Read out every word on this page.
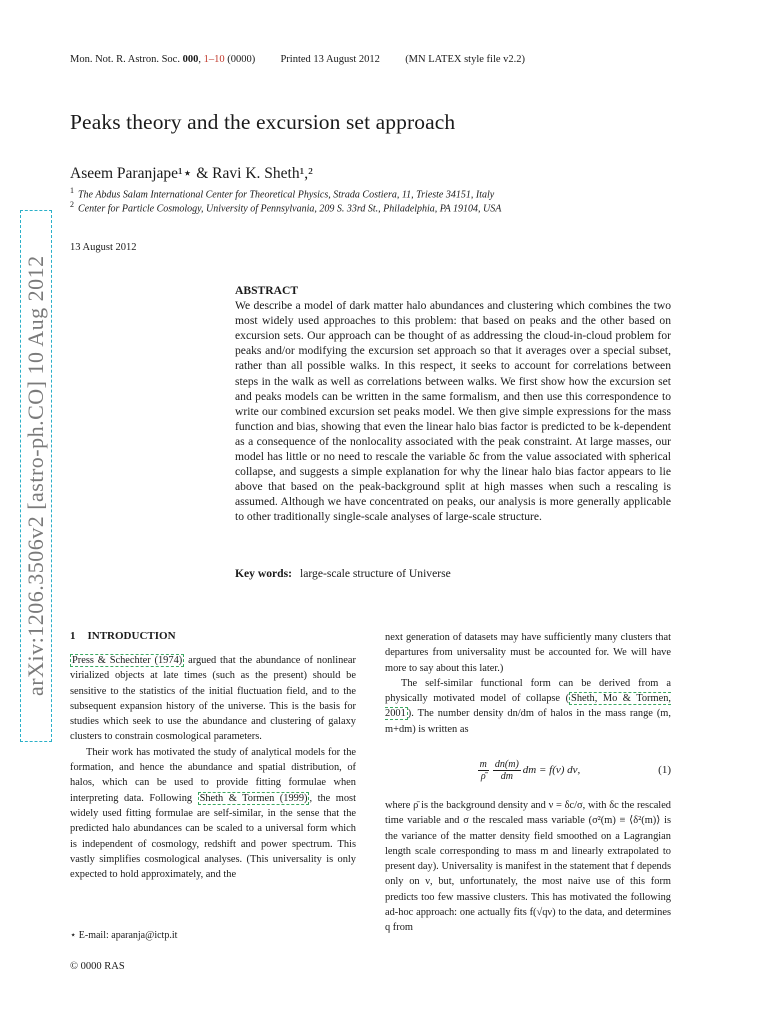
Mon. Not. R. Astron. Soc. 000, 1–10 (0000) Printed 13 August 2012 (MN LATEX style file v2.2)
arXiv:1206.3506v2 [astro-ph.CO] 10 Aug 2012
Peaks theory and the excursion set approach
Aseem Paranjape¹⋆ & Ravi K. Sheth¹,²
$^1$ The Abdus Salam International Center for Theoretical Physics, Strada Costiera, 11, Trieste 34151, Italy
$^2$ Center for Particle Cosmology, University of Pennsylvania, 209 S. 33rd St., Philadelphia, PA 19104, USA
13 August 2012
ABSTRACT
We describe a model of dark matter halo abundances and clustering which combines the two most widely used approaches to this problem: that based on peaks and the other based on excursion sets. Our approach can be thought of as addressing the cloud-in-cloud problem for peaks and/or modifying the excursion set approach so that it averages over a special subset, rather than all possible walks. In this respect, it seeks to account for correlations between steps in the walk as well as correlations between walks. We first show how the excursion set and peaks models can be written in the same formalism, and then use this correspondence to write our combined excursion set peaks model. We then give simple expressions for the mass function and bias, showing that even the linear halo bias factor is predicted to be k-dependent as a consequence of the nonlocality associated with the peak constraint. At large masses, our model has little or no need to rescale the variable δc from the value associated with spherical collapse, and suggests a simple explanation for why the linear halo bias factor appears to lie above that based on the peak-background split at high masses when such a rescaling is assumed. Although we have concentrated on peaks, our analysis is more generally applicable to other traditionally single-scale analyses of large-scale structure.
Key words: large-scale structure of Universe
1 INTRODUCTION

Press & Schechter (1974) argued that the abundance of nonlinear virialized objects at late times (such as the present) should be sensitive to the statistics of the initial fluctuation field, and to the subsequent expansion history of the universe. This is the basis for studies which seek to use the abundance and clustering of galaxy clusters to constrain cosmological parameters.

Their work has motivated the study of analytical models for the formation, and hence the abundance and spatial distribution, of halos, which can be used to provide fitting formulae when interpreting data. Following Sheth & Tormen (1999) , the most widely used fitting formulae are self-similar, in the sense that the predicted halo abundances can be scaled to a universal form which is independent of cosmology, redshift and power spectrum. This vastly simplifies cosmological analyses. (This universality is only expected to hold approximately, and the

next generation of datasets may have sufficiently many clusters that departures from universality must be accounted for. We will have more to say about this later.)

The self-similar functional form can be derived from a physically motivated model of collapse ( Sheth, Mo & Tormen, 2001 ). The number density dn/dm of halos in the mass range (m, m+dm) is written as

$\frac{m}{\rhō} \frac{dn(m)}{dm}$ dm = f(ν) dν,	(1)

where ρ̄ is the background density and ν = δc/σ, with δc the rescaled time variable and σ the rescaled mass variable (σ²(m) ≡ ⟨δ²(m)⟩ is the variance of the matter density field smoothed on a Lagrangian length scale corresponding to mass m and linearly extrapolated to present day). Universality is manifest in the statement that f depends only on ν, but, unfortunately, the most naive use of this form predicts too few massive clusters. This has motivated the following ad-hoc approach: one actually fits f(√qν) to the data, and determines q from

⋆ E-mail: aparanja@ictp.it
© 0000 RAS
